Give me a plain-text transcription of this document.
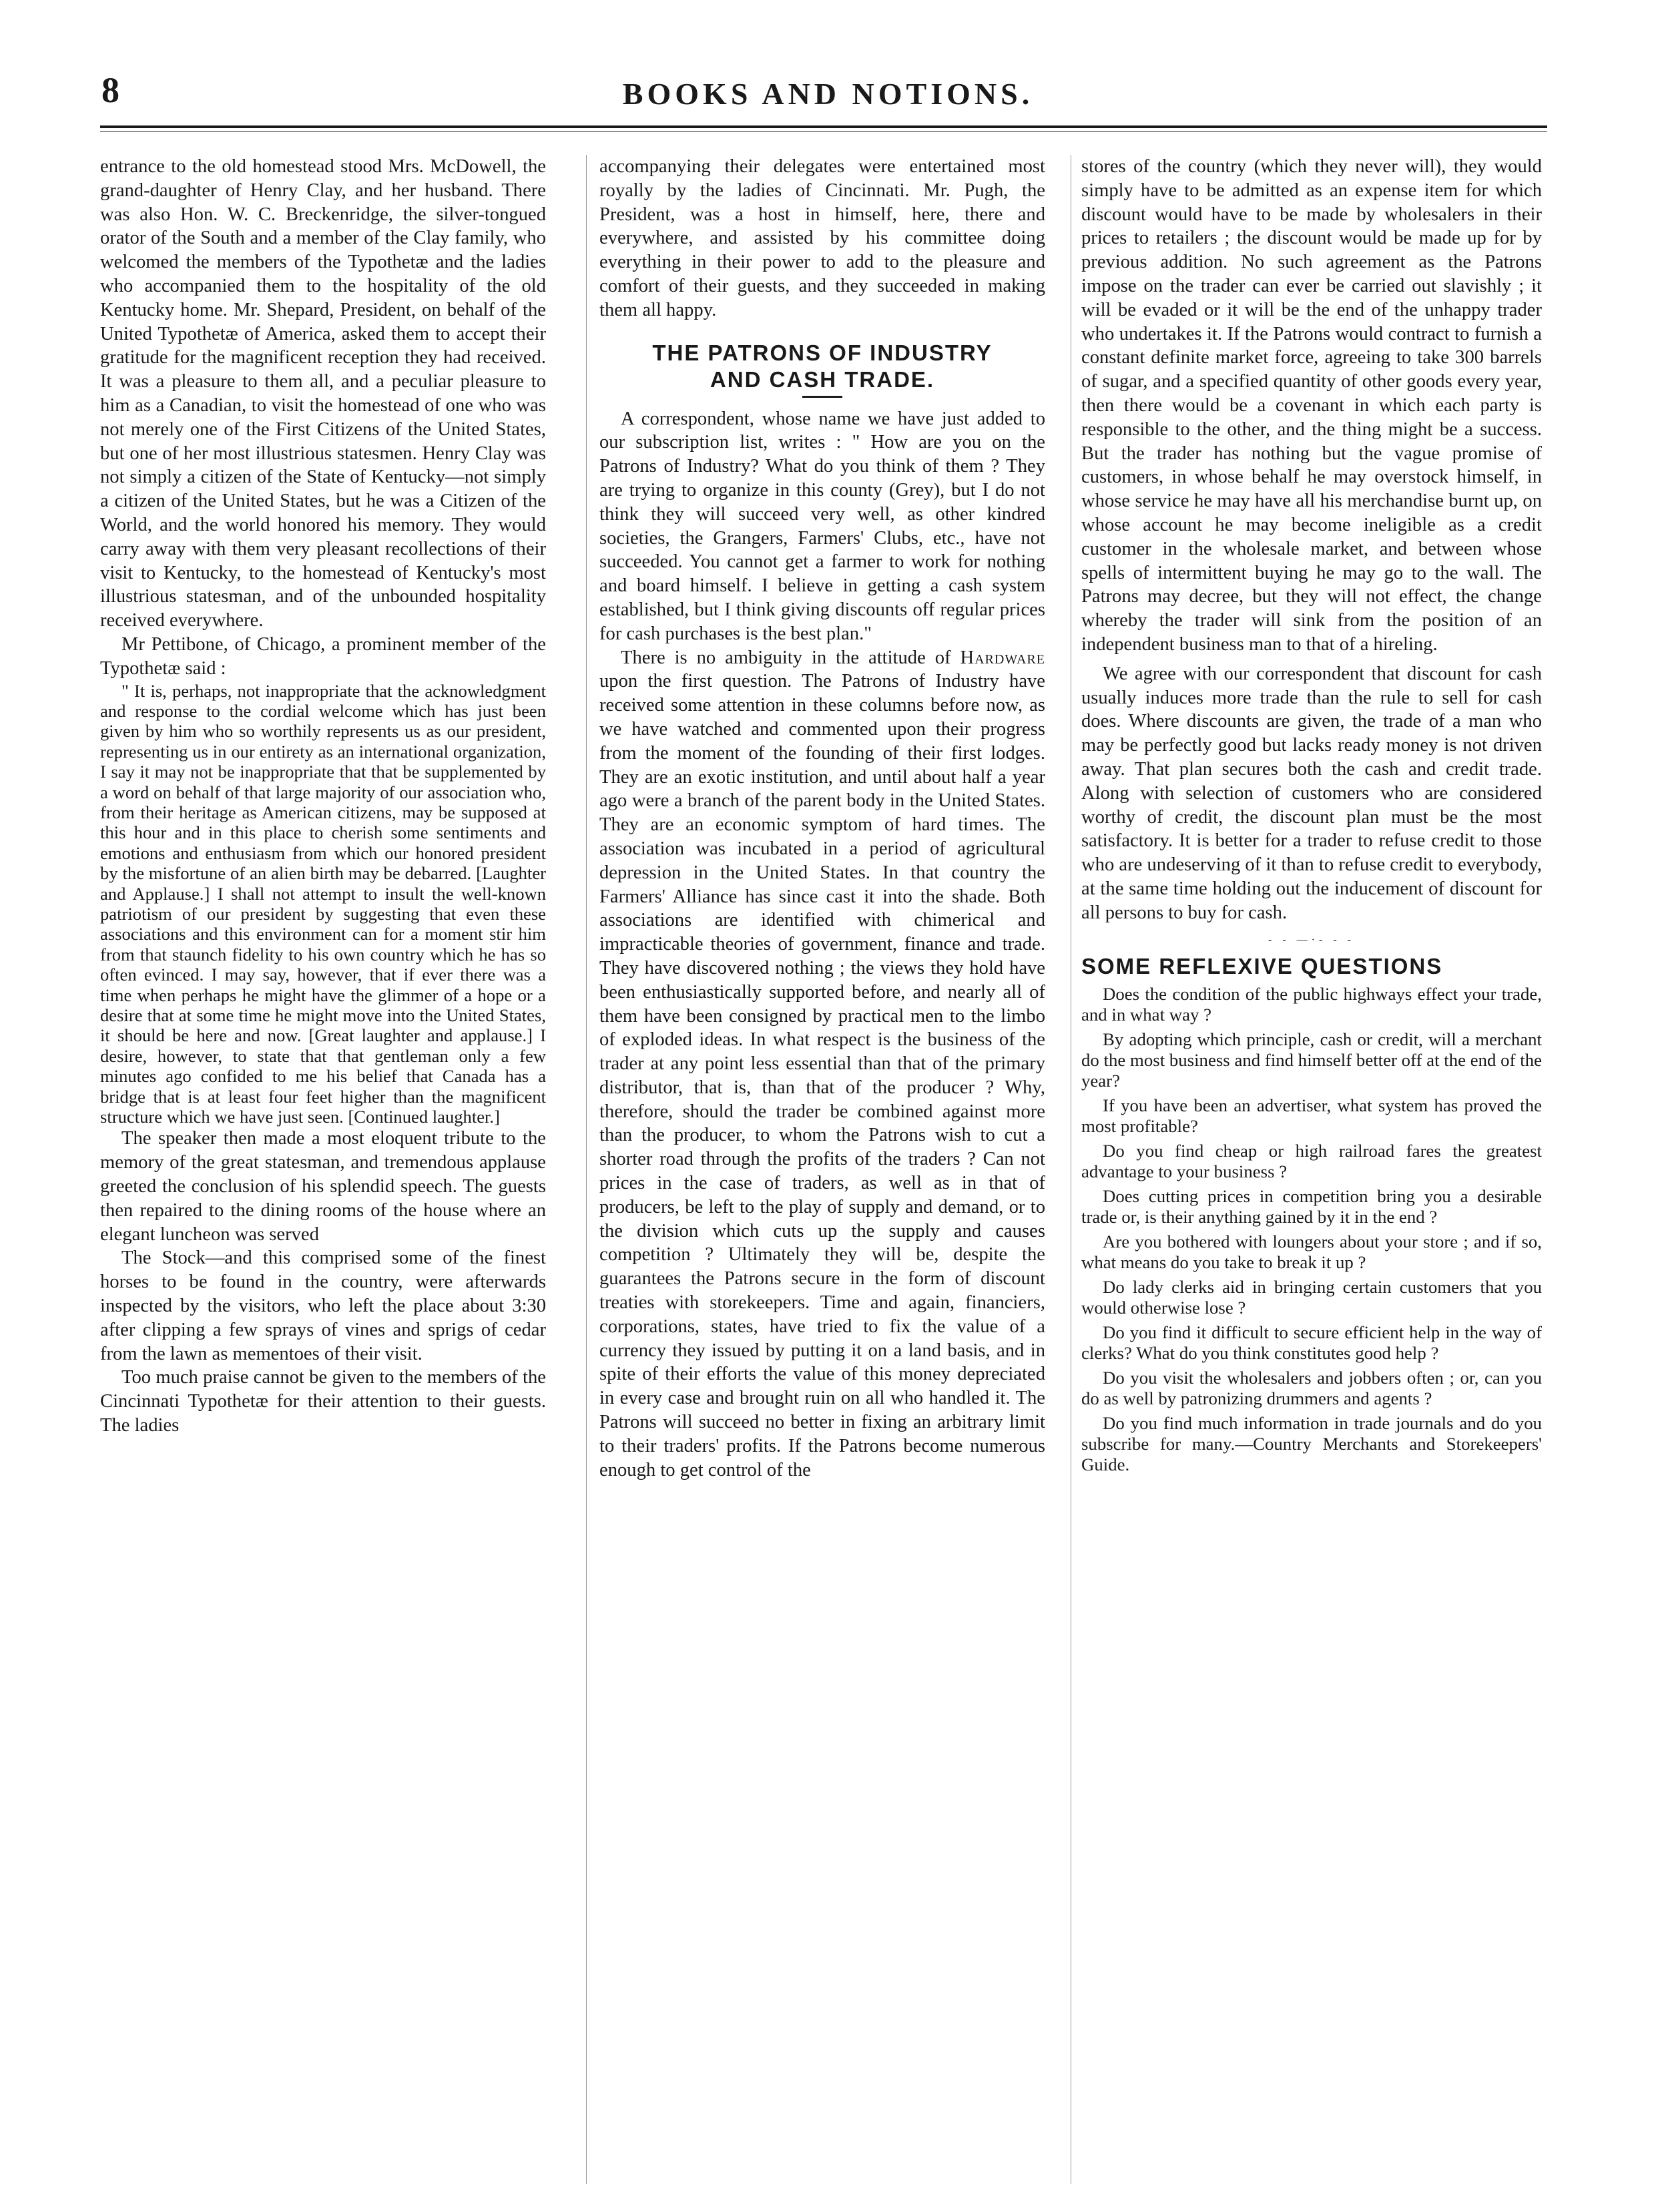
8	BOOKS AND NOTIONS.

entrance to the old homestead stood Mrs. McDowell, the grand-daughter of Henry Clay, and her husband. There was also Hon. W. C. Breckenridge, the silver-tongued orator of the South and a member of the Clay family, who welcomed the members of the Typothetæ and the ladies who accompanied them to the hospitality of the old Kentucky home. Mr. Shepard, President, on behalf of the United Typothetæ of America, asked them to accept their gratitude for the magnificent reception they had received. It was a pleasure to them all, and a peculiar pleasure to him as a Canadian, to visit the homestead of one who was not merely one of the First Citizens of the United States, but one of her most illustrious statesmen. Henry Clay was not simply a citizen of the State of Kentucky—not simply a citizen of the United States, but he was a Citizen of the World, and the world honored his memory. They would carry away with them very pleasant recollections of their visit to Kentucky, to the homestead of Kentucky's most illustrious statesman, and of the unbounded hospitality received everywhere.

Mr Pettibone, of Chicago, a prominent member of the Typothetæ said :

" It is, perhaps, not inappropriate that the acknowledgment and response to the cordial welcome which has just been given by him who so worthily represents us as our president, representing us in our entirety as an international organization, I say it may not be inappropriate that that be supplemented by a word on behalf of that large majority of our association who, from their heritage as American citizens, may be supposed at this hour and in this place to cherish some sentiments and emotions and enthusiasm from which our honored president by the misfortune of an alien birth may be debarred. [Laughter and Applause.] I shall not attempt to insult the well-known patriotism of our president by suggesting that even these associations and this environment can for a moment stir him from that staunch fidelity to his own country which he has so often evinced. I may say, however, that if ever there was a time when perhaps he might have the glimmer of a hope or a desire that at some time he might move into the United States, it should be here and now. [Great laughter and applause.] I desire, however, to state that that gentleman only a few minutes ago confided to me his belief that Canada has a bridge that is at least four feet higher than the magnificent structure which we have just seen. [Continued laughter.]

The speaker then made a most eloquent tribute to the memory of the great statesman, and tremendous applause greeted the conclusion of his splendid speech. The guests then repaired to the dining rooms of the house where an elegant luncheon was served

The Stock—and this comprised some of the finest horses to be found in the country, were afterwards inspected by the visitors, who left the place about 3:30 after clipping a few sprays of vines and sprigs of cedar from the lawn as mementoes of their visit.

Too much praise cannot be given to the members of the Cincinnati Typothetæ for their attention to their guests. The ladies

accompanying their delegates were entertained most royally by the ladies of Cincinnati. Mr. Pugh, the President, was a host in himself, here, there and everywhere, and assisted by his committee doing everything in their power to add to the pleasure and comfort of their guests, and they succeeded in making them all happy.

THE PATRONS OF INDUSTRY
AND CASH TRADE.

A correspondent, whose name we have just added to our subscription list, writes : " How are you on the Patrons of Industry? What do you think of them ? They are trying to organize in this county (Grey), but I do not think they will succeed very well, as other kindred societies, the Grangers, Farmers' Clubs, etc., have not succeeded. You cannot get a farmer to work for nothing and board himself. I believe in getting a cash system established, but I think giving discounts off regular prices for cash purchases is the best plan."

There is no ambiguity in the attitude of Hardware upon the first question. The Patrons of Industry have received some attention in these columns before now, as we have watched and commented upon their progress from the moment of the founding of their first lodges. They are an exotic institution, and until about half a year ago were a branch of the parent body in the United States. They are an economic symptom of hard times. The association was incubated in a period of agricultural depression in the United States. In that country the Farmers' Alliance has since cast it into the shade. Both associations are identified with chimerical and impracticable theories of government, finance and trade. They have discovered nothing ; the views they hold have been enthusiastically supported before, and nearly all of them have been consigned by practical men to the limbo of exploded ideas. In what respect is the business of the trader at any point less essential than that of the primary distributor, that is, than that of the producer ? Why, therefore, should the trader be combined against more than the producer, to whom the Patrons wish to cut a shorter road through the profits of the traders ? Can not prices in the case of traders, as well as in that of producers, be left to the play of supply and demand, or to the division which cuts up the supply and causes competition ? Ultimately they will be, despite the guarantees the Patrons secure in the form of discount treaties with storekeepers. Time and again, financiers, corporations, states, have tried to fix the value of a currency they issued by putting it on a land basis, and in spite of their efforts the value of this money depreciated in every case and brought ruin on all who handled it. The Patrons will succeed no better in fixing an arbitrary limit to their traders' profits. If the Patrons become numerous enough to get control of the

stores of the country (which they never will), they would simply have to be admitted as an expense item for which discount would have to be made by wholesalers in their prices to retailers ; the discount would be made up for by previous addition. No such agreement as the Patrons impose on the trader can ever be carried out slavishly ; it will be evaded or it will be the end of the unhappy trader who undertakes it. If the Patrons would contract to furnish a constant definite market force, agreeing to take 300 barrels of sugar, and a specified quantity of other goods every year, then there would be a covenant in which each party is responsible to the other, and the thing might be a success. But the trader has nothing but the vague promise of customers, in whose behalf he may overstock himself, in whose service he may have all his merchandise burnt up, on whose account he may become ineligible as a credit customer in the wholesale market, and between whose spells of intermittent buying he may go to the wall. The Patrons may decree, but they will not effect, the change whereby the trader will sink from the position of an independent business man to that of a hireling.

We agree with our correspondent that discount for cash usually induces more trade than the rule to sell for cash does. Where discounts are given, the trade of a man who may be perfectly good but lacks ready money is not driven away. That plan secures both the cash and credit trade. Along with selection of customers who are considered worthy of credit, the discount plan must be the most satisfactory. It is better for a trader to refuse credit to those who are undeserving of it than to refuse credit to everybody, at the same time holding out the inducement of discount for all persons to buy for cash.

- - —·- - -
SOME REFLEXIVE QUESTIONS

Does the condition of the public highways effect your trade, and in what way ?

By adopting which principle, cash or credit, will a merchant do the most business and find himself better off at the end of the year?

If you have been an advertiser, what system has proved the most profitable?

Do you find cheap or high railroad fares the greatest advantage to your business ?

Does cutting prices in competition bring you a desirable trade or, is their anything gained by it in the end ?

Are you bothered with loungers about your store ; and if so, what means do you take to break it up ?

Do lady clerks aid in bringing certain customers that you would otherwise lose ?

Do you find it difficult to secure efficient help in the way of clerks? What do you think constitutes good help ?

Do you visit the wholesalers and jobbers often ; or, can you do as well by patronizing drummers and agents ?

Do you find much information in trade journals and do you subscribe for many.—Country Merchants and Storekeepers' Guide.
